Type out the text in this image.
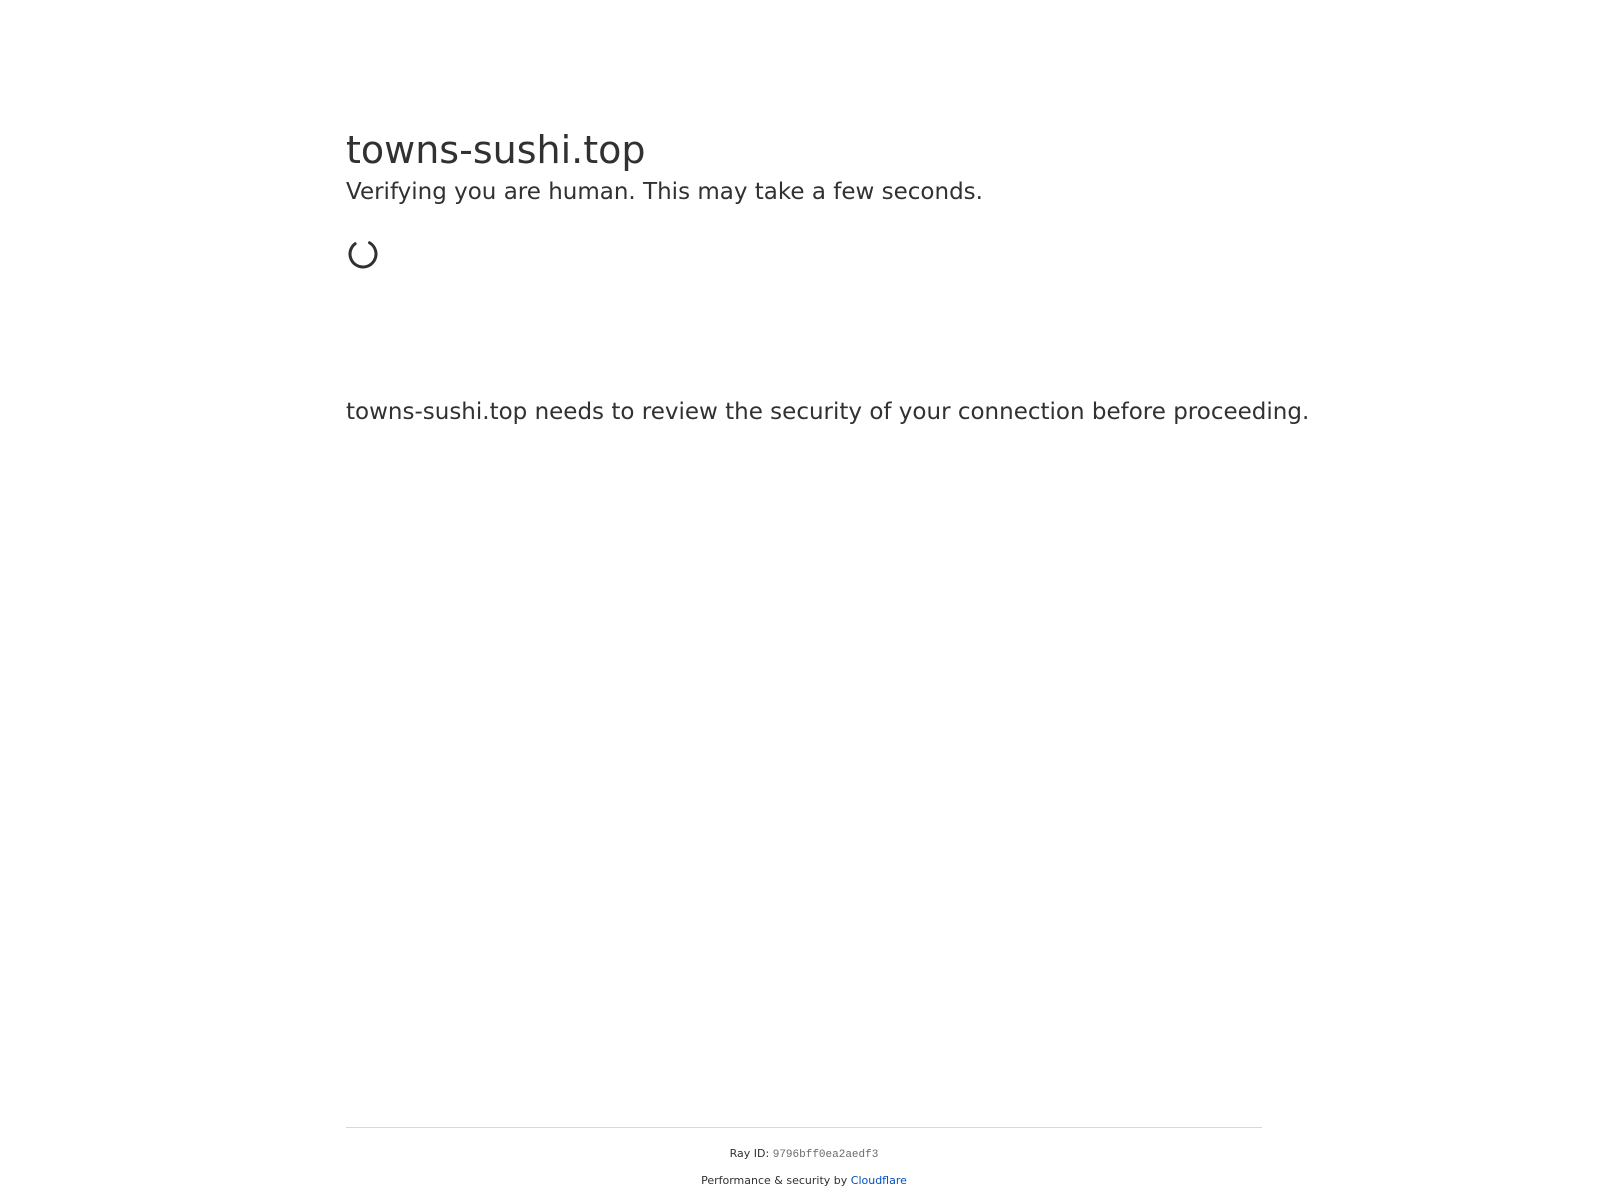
towns-sushi.top

Verifying you are human. This may take a few seconds.

towns-sushi.top needs to review the security of your connection before proceeding.

Ray ID: 9796bff0ea2aedf3
Performance & security by Cloudflare
